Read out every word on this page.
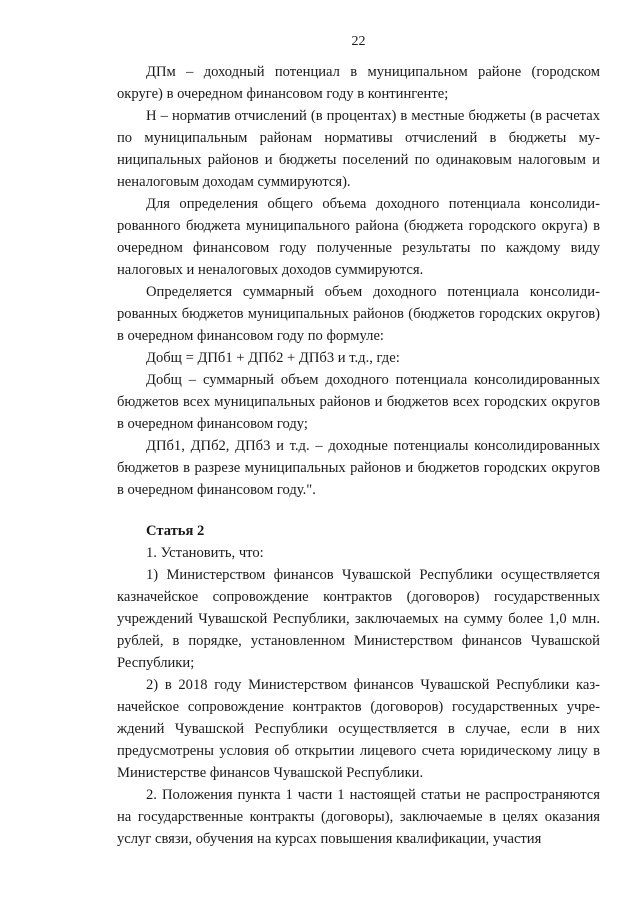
22

ДПм – доходный потенциал в муниципальном районе (городском округе) в очередном финансовом году в контингенте;

Н – норматив отчислений (в процентах) в местные бюджеты (в расчетах по муниципальным районам нормативы отчислений в бюджеты муниципальных районов и бюджеты поселений по одинаковым налоговым и неналоговым доходам суммируются).

Для определения общего объема доходного потенциала консолидированного бюджета муниципального района (бюджета городского округа) в очередном финансовом году полученные результаты по каждому виду налоговых и неналоговых доходов суммируются.

Определяется суммарный объем доходного потенциала консолидированных бюджетов муниципальных районов (бюджетов городских округов) в очередном финансовом году по формуле:

Добщ = ДПб1 + ДПб2 + ДПб3 и т.д., где:

Добщ – суммарный объем доходного потенциала консолидированных бюджетов всех муниципальных районов и бюджетов всех городских округов в очередном финансовом году;

ДПб1, ДПб2, ДПб3 и т.д. – доходные потенциалы консолидированных бюджетов в разрезе муниципальных районов и бюджетов городских округов в очередном финансовом году.".

Статья 2

1. Установить, что:

1) Министерством финансов Чувашской Республики осуществляется казначейское сопровождение контрактов (договоров) государственных учреждений Чувашской Республики, заключаемых на сумму более 1,0 млн. рублей, в порядке, установленном Министерством финансов Чувашской Республики;

2) в 2018 году Министерством финансов Чувашской Республики казначейское сопровождение контрактов (договоров) государственных учреждений Чувашской Республики осуществляется в случае, если в них предусмотрены условия об открытии лицевого счета юридическому лицу в Министерстве финансов Чувашской Республики.

2. Положения пункта 1 части 1 настоящей статьи не распространяются на государственные контракты (договоры), заключаемые в целях оказания услуг связи, обучения на курсах повышения квалификации, участия
